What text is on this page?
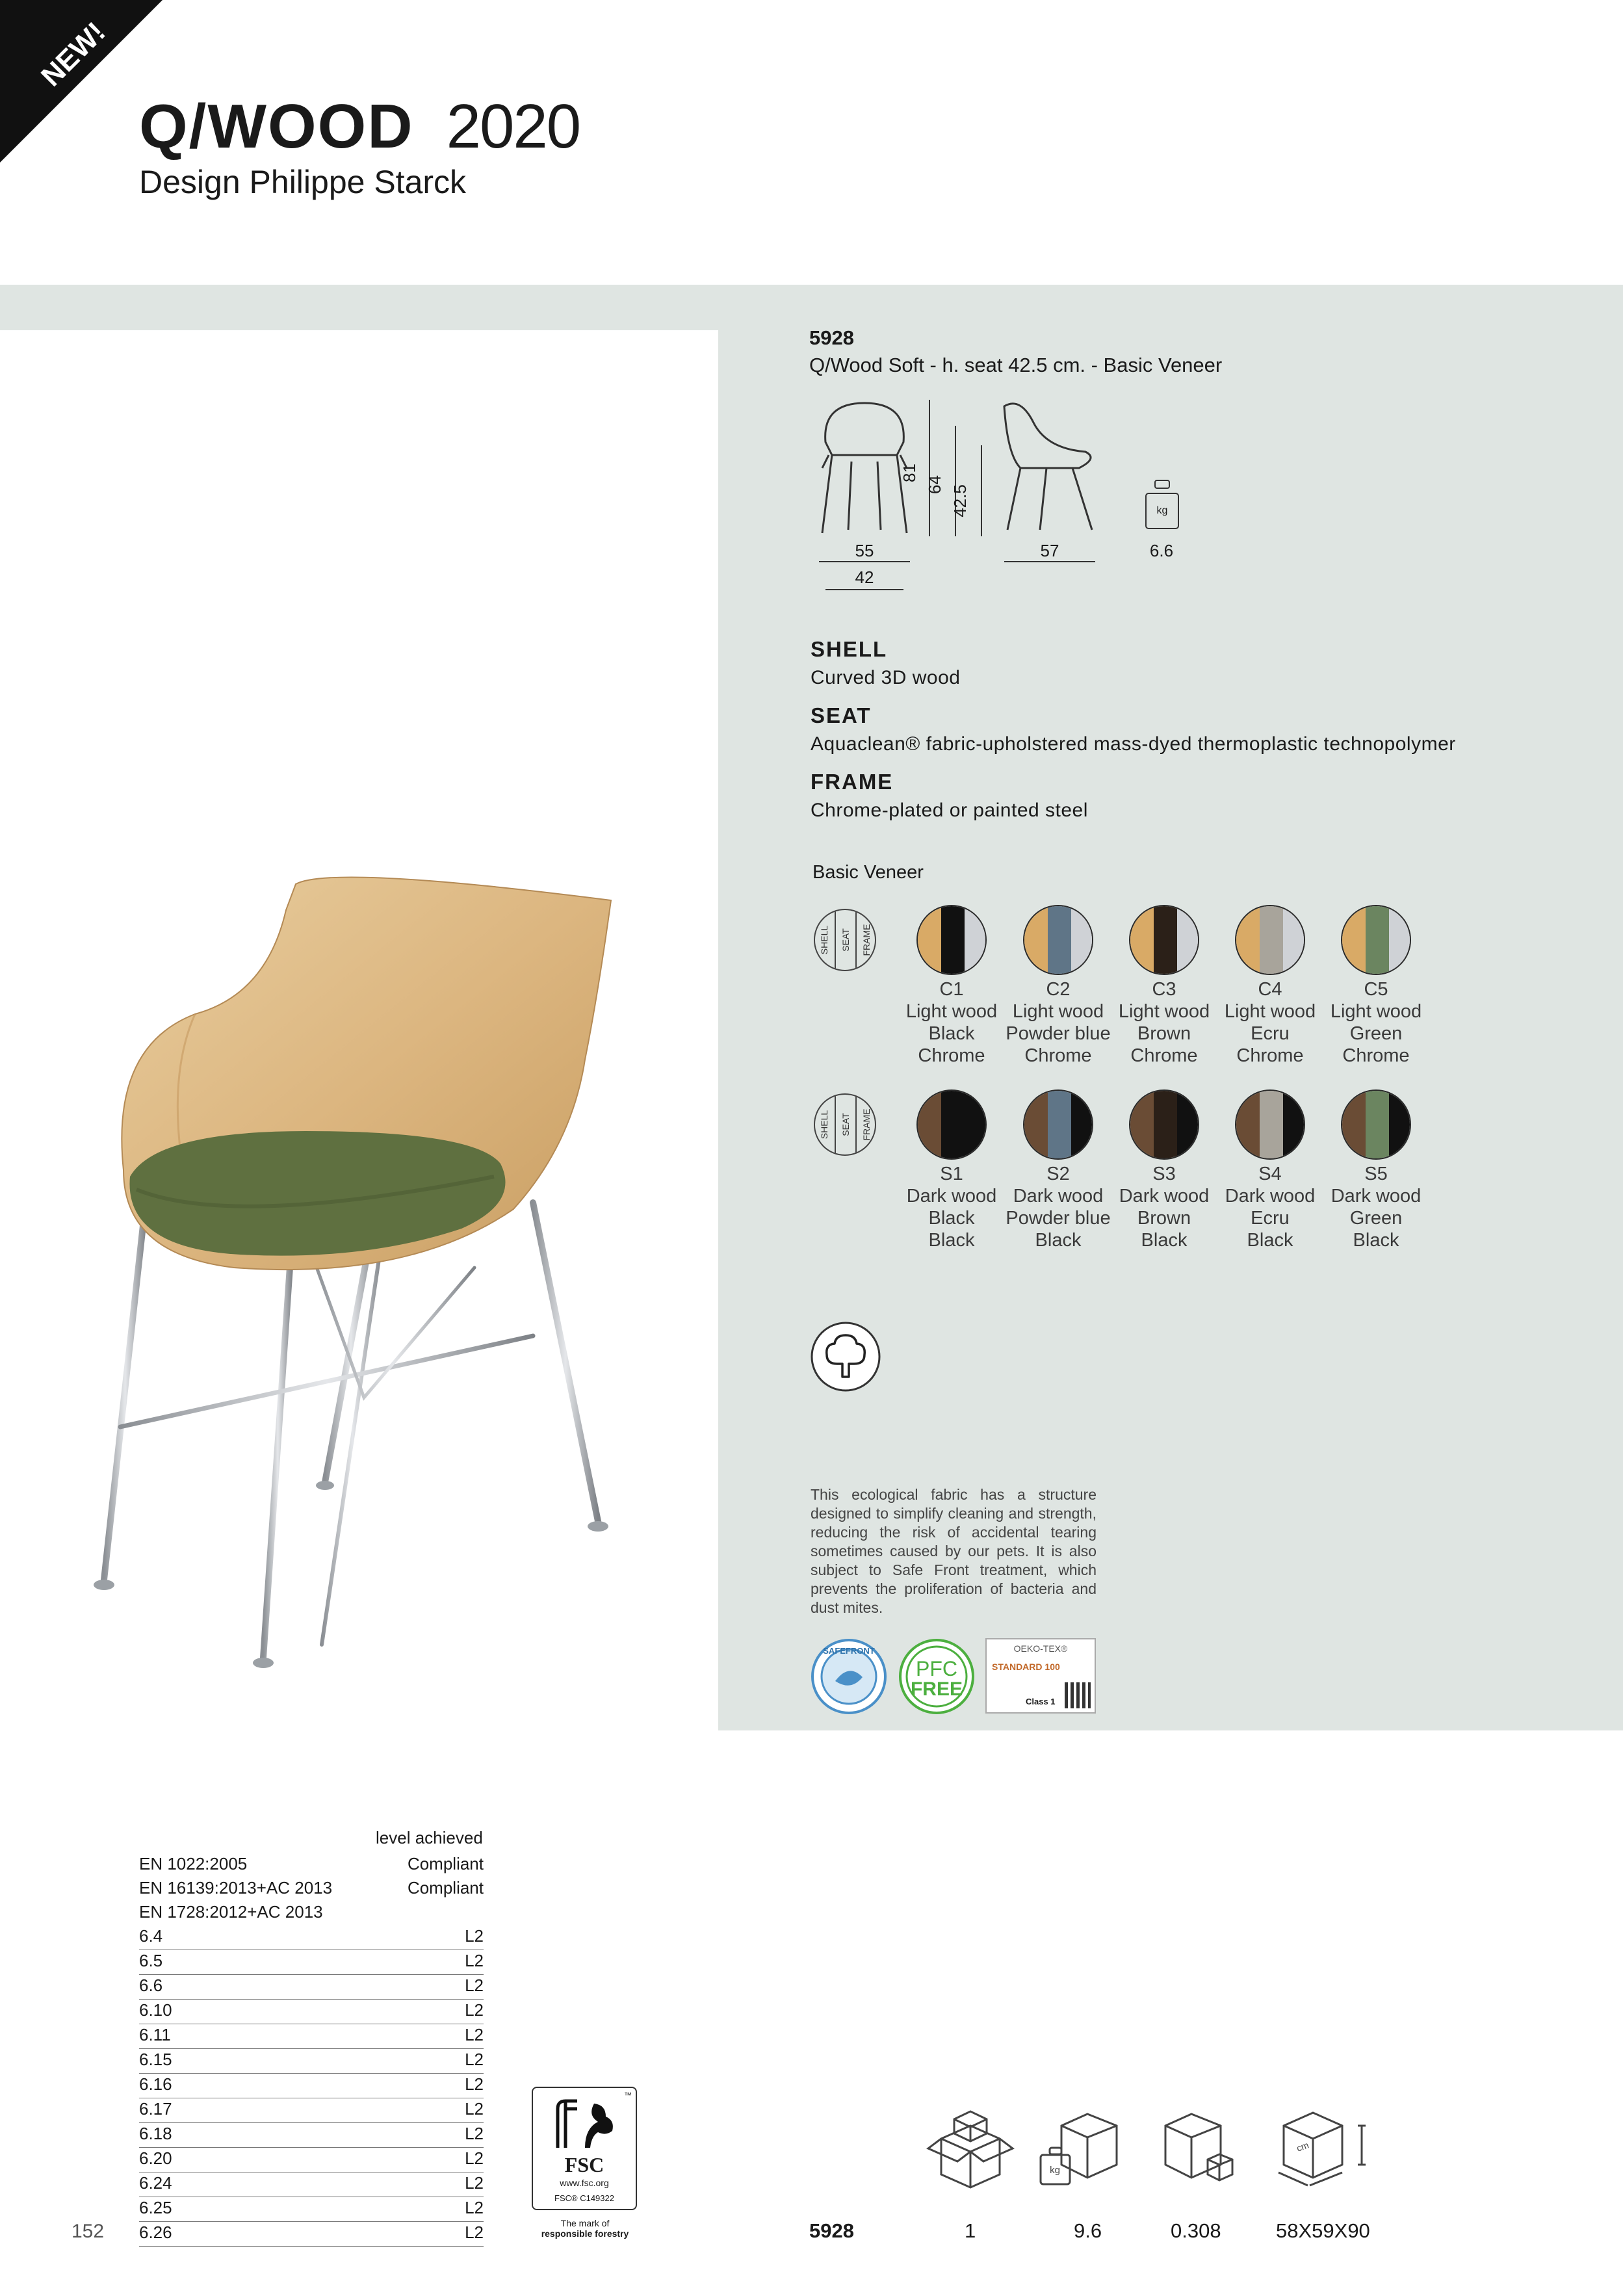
NEW!
Q/WOOD 2020
Design Philippe Starck
5928
Q/Wood Soft - h. seat 42.5 cm. - Basic Veneer
81
64 42.5
55
42
57
kg
6.6
SHELL
Curved 3D wood
SEAT
Aquaclean® fabric-upholstered mass-dyed thermoplastic technopolymer
FRAME
Chrome-plated or painted steel
Basic Veneer
SHELL SEAT FRAME
SHELL SEAT FRAME
C1
Light wood
Black
Chrome
C2
Light wood
Powder blue
Chrome
C3
Light wood
Brown
Chrome
C4
Light wood
Ecru
Chrome
C5
Light wood
Green
Chrome
S1
Dark wood
Black
Black
S2
Dark wood
Powder blue
Black
S3
Dark wood
Brown
Black
S4
Dark wood
Ecru
Black
S5
Dark wood
Green
Black
This ecological fabric has a structure designed to simplify cleaning and strength, reducing the risk of accidental tearing sometimes caused by our pets. It is also subject to Safe Front treatment, which prevents the proliferation of bacteria and dust mites.
SAFEFRONT
PFC
FREE
OEKO-TEX®
STANDARD 100
Class 1
level achieved
EN 1022:2005	Compliant
EN 16139:2013+AC 2013	Compliant
EN 1728:2012+AC 2013
6.4	L2
6.5	L2
6.6	L2
6.10	L2
6.11	L2
6.15	L2
6.16	L2
6.17	L2
6.18	L2
6.20	L2
6.24	L2
6.25	L2
6.26	L2
™
FSC
www.fsc.org
FSC® C149322
The mark of
responsible forestry
kg
cm
152	5928	1	9.6	0.308	58X59X90
